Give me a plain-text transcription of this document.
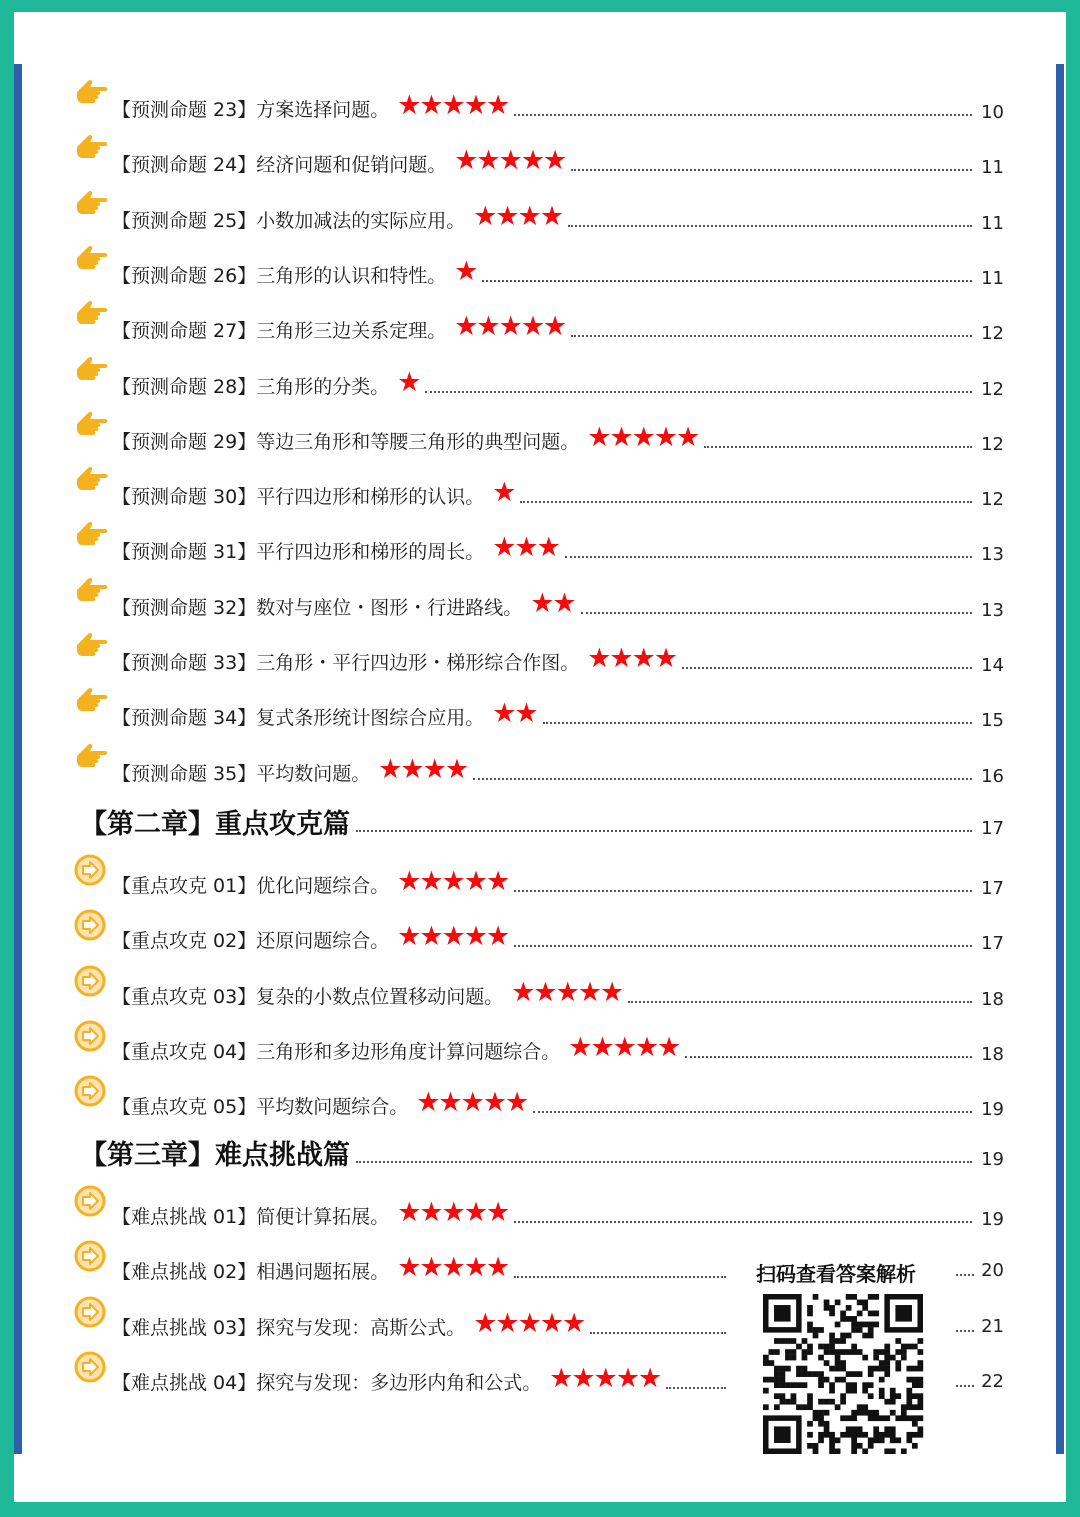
【预测命题 23】方案选择问题。 ★★★★★	10
【预测命题 24】经济问题和促销问题。 ★★★★★	11
【预测命题 25】小数加减法的实际应用。 ★★★★	11
【预测命题 26】三角形的认识和特性。 ★	11
【预测命题 27】三角形三边关系定理。 ★★★★★	12
【预测命题 28】三角形的分类。 ★	12
【预测命题 29】等边三角形和等腰三角形的典型问题。 ★★★★★	12
【预测命题 30】平行四边形和梯形的认识。 ★	12
【预测命题 31】平行四边形和梯形的周长。 ★★★	13
【预测命题 32】数对与座位・图形・行进路线。 ★★	13
【预测命题 33】三角形・平行四边形・梯形综合作图。 ★★★★	14
【预测命题 34】复式条形统计图综合应用。 ★★	15
【预测命题 35】平均数问题。 ★★★★	16
【第二章】重点攻克篇	17
【重点攻克 01】优化问题综合。 ★★★★★	17
【重点攻克 02】还原问题综合。 ★★★★★	17
【重点攻克 03】复杂的小数点位置移动问题。 ★★★★★	18
【重点攻克 04】三角形和多边形角度计算问题综合。 ★★★★★	18
【重点攻克 05】平均数问题综合。 ★★★★★	19
【第三章】难点挑战篇	19
【难点挑战 01】简便计算拓展。 ★★★★★	19
【难点挑战 02】相遇问题拓展。 ★★★★★	20
【难点挑战 03】探究与发现：高斯公式。 ★★★★★	21
【难点挑战 04】探究与发现：多边形内角和公式。 ★★★★★	22
扫码查看答案解析
